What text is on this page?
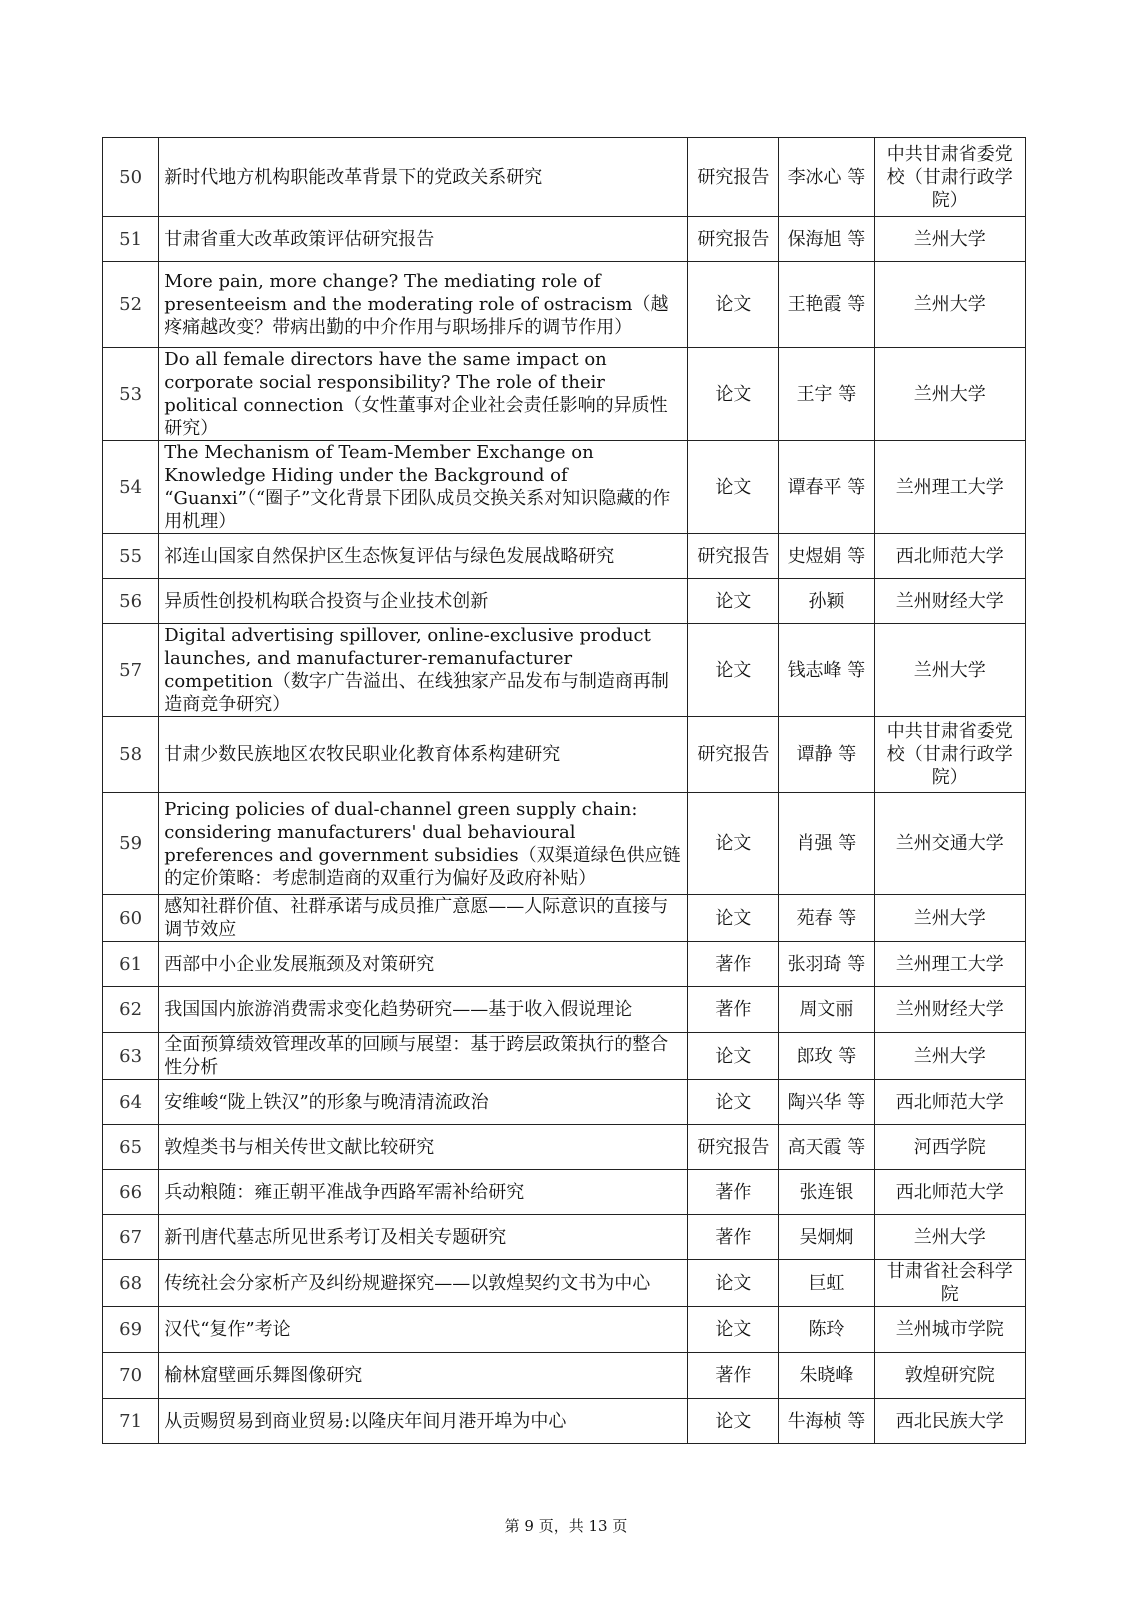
50	新时代地方机构职能改革背景下的党政关系研究	研究报告	李冰心 等	中共甘肃省委党校（甘肃行政学院）
51	甘肃省重大改革政策评估研究报告	研究报告	保海旭 等	兰州大学
52	More pain, more change? The mediating role of presenteeism and the moderating role of ostracism（越疼痛越改变？带病出勤的中介作用与职场排斥的调节作用）	论文	王艳霞 等	兰州大学
53	Do all female directors have the same impact on corporate social responsibility? The role of their political connection（女性董事对企业社会责任影响的异质性研究）	论文	王宇 等	兰州大学
54	The Mechanism of Team-Member Exchange on Knowledge Hiding under the Background of “Guanxi”（“圈子”文化背景下团队成员交换关系对知识隐藏的作用机理）	论文	谭春平 等	兰州理工大学
55	祁连山国家自然保护区生态恢复评估与绿色发展战略研究	研究报告	史煜娟 等	西北师范大学
56	异质性创投机构联合投资与企业技术创新	论文	孙颖	兰州财经大学
57	Digital advertising spillover, online-exclusive product launches, and manufacturer-remanufacturer competition（数字广告溢出、在线独家产品发布与制造商再制造商竞争研究）	论文	钱志峰 等	兰州大学
58	甘肃少数民族地区农牧民职业化教育体系构建研究	研究报告	谭静 等	中共甘肃省委党校（甘肃行政学院）
59	Pricing policies of dual-channel green supply chain: considering manufacturers' dual behavioural preferences and government subsidies（双渠道绿色供应链的定价策略：考虑制造商的双重行为偏好及政府补贴）	论文	肖强 等	兰州交通大学
60	感知社群价值、社群承诺与成员推广意愿——人际意识的直接与调节效应	论文	苑春 等	兰州大学
61	西部中小企业发展瓶颈及对策研究	著作	张羽琦 等	兰州理工大学
62	我国国内旅游消费需求变化趋势研究——基于收入假说理论	著作	周文丽	兰州财经大学
63	全面预算绩效管理改革的回顾与展望：基于跨层政策执行的整合性分析	论文	郎玫 等	兰州大学
64	安维峻“陇上铁汉”的形象与晚清清流政治	论文	陶兴华 等	西北师范大学
65	敦煌类书与相关传世文献比较研究	研究报告	高天霞 等	河西学院
66	兵动粮随：雍正朝平准战争西路军需补给研究	著作	张连银	西北师范大学
67	新刊唐代墓志所见世系考订及相关专题研究	著作	吴炯炯	兰州大学
68	传统社会分家析产及纠纷规避探究——以敦煌契约文书为中心	论文	巨虹	甘肃省社会科学院
69	汉代“复作”考论	论文	陈玲	兰州城市学院
70	榆林窟壁画乐舞图像研究	著作	朱晓峰	敦煌研究院
71	从贡赐贸易到商业贸易:以隆庆年间月港开埠为中心	论文	牛海桢 等	西北民族大学
第 9 页，共 13 页
